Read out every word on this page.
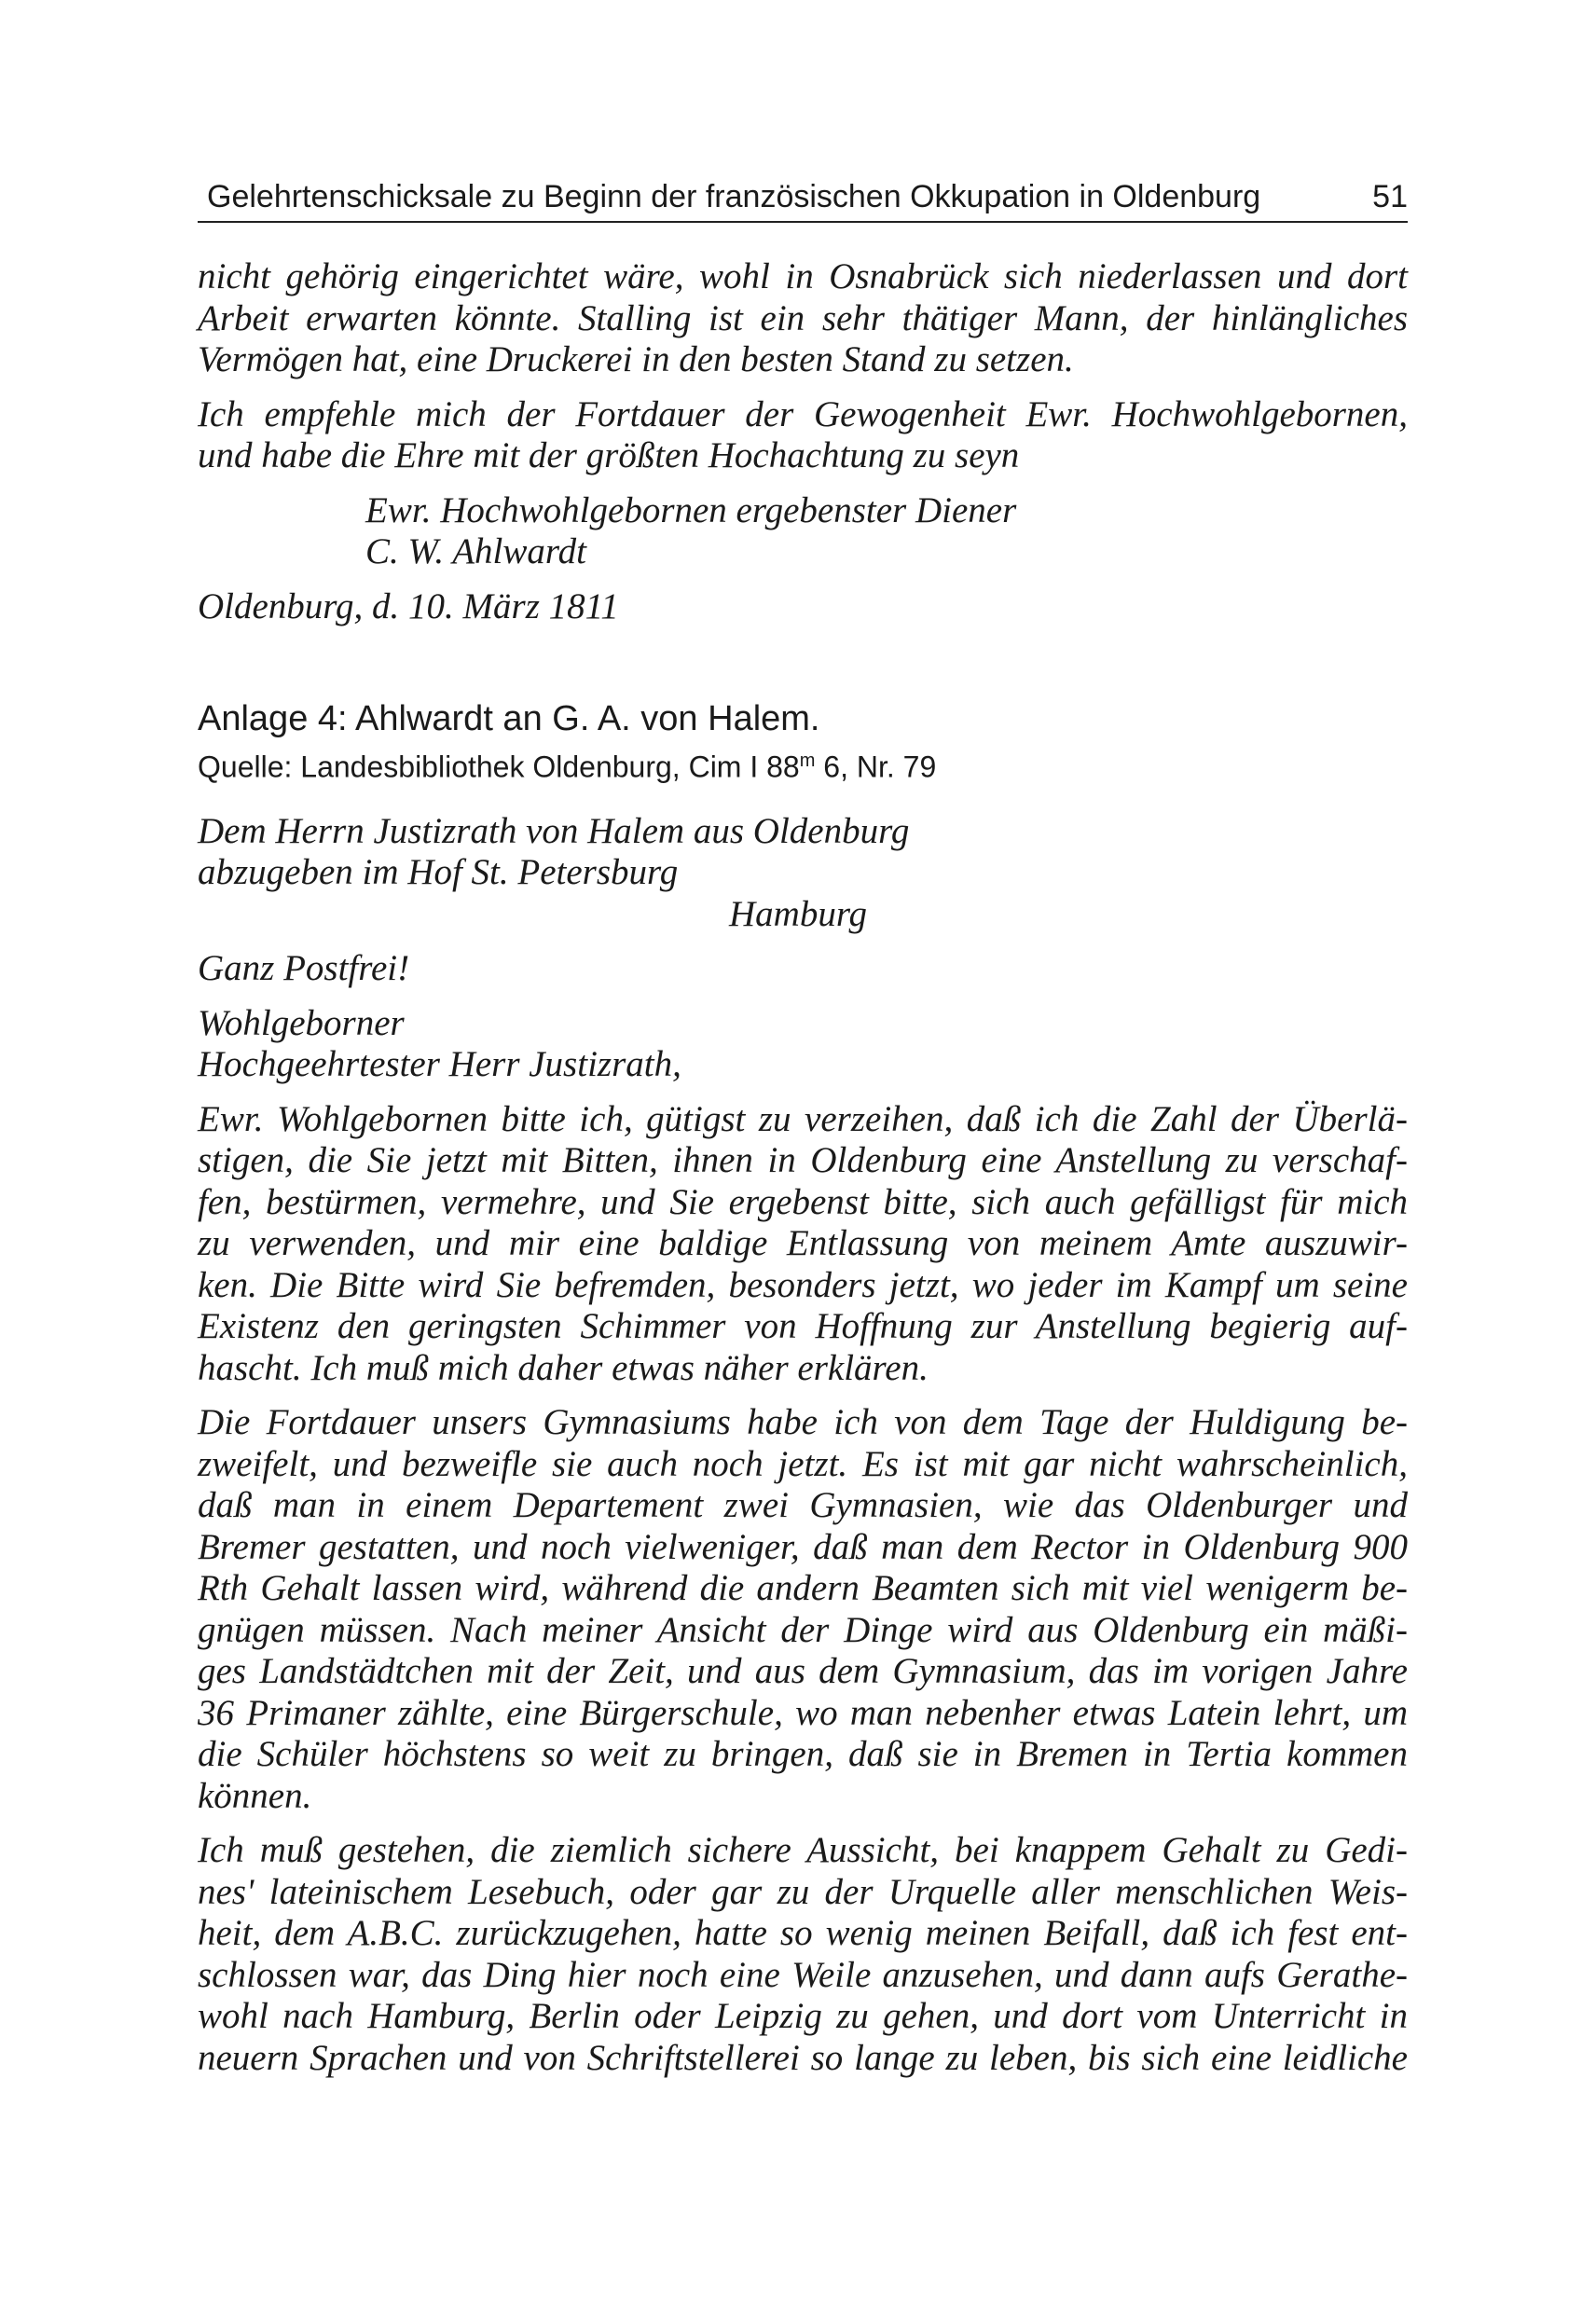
Gelehrtenschicksale zu Beginn der französischen Okkupation in Oldenburg	51
nicht gehörig eingerichtet wäre, wohl in Osnabrück sich niederlassen und dort
Arbeit erwarten könnte. Stalling ist ein sehr thätiger Mann, der hinlängliches
Vermögen hat, eine Druckerei in den besten Stand zu setzen.
Ich empfehle mich der Fortdauer der Gewogenheit Ewr. Hochwohlgebornen,
und habe die Ehre mit der größten Hochachtung zu seyn
Ewr. Hochwohlgebornen ergebenster Diener
C. W. Ahlwardt
Oldenburg, d. 10. März 1811

Anlage 4: Ahlwardt an G. A. von Halem.

Quelle: Landesbibliothek Oldenburg, Cim I 88$^m$ 6, Nr. 79

Dem Herrn Justizrath von Halem aus Oldenburg
abzugeben im Hof St. Petersburg
Hamburg
Ganz Postfrei!
Wohlgeborner
Hochgeehrtester Herr Justizrath,
Ewr. Wohlgebornen bitte ich, gütigst zu verzeihen, daß ich die Zahl der Überlä-
stigen, die Sie jetzt mit Bitten, ihnen in Oldenburg eine Anstellung zu verschaf-
fen, bestürmen, vermehre, und Sie ergebenst bitte, sich auch gefälligst für mich
zu verwenden, und mir eine baldige Entlassung von meinem Amte auszuwir-
ken. Die Bitte wird Sie befremden, besonders jetzt, wo jeder im Kampf um seine
Existenz den geringsten Schimmer von Hoffnung zur Anstellung begierig auf-
hascht. Ich muß mich daher etwas näher erklären.
Die Fortdauer unsers Gymnasiums habe ich von dem Tage der Huldigung be-
zweifelt, und bezweifle sie auch noch jetzt. Es ist mit gar nicht wahrscheinlich,
daß man in einem Departement zwei Gymnasien, wie das Oldenburger und
Bremer gestatten, und noch vielweniger, daß man dem Rector in Oldenburg 900
Rth Gehalt lassen wird, während die andern Beamten sich mit viel wenigerm be-
gnügen müssen. Nach meiner Ansicht der Dinge wird aus Oldenburg ein mäßi-
ges Landstädtchen mit der Zeit, und aus dem Gymnasium, das im vorigen Jahre
36 Primaner zählte, eine Bürgerschule, wo man nebenher etwas Latein lehrt, um
die Schüler höchstens so weit zu bringen, daß sie in Bremen in Tertia kommen
können.
Ich muß gestehen, die ziemlich sichere Aussicht, bei knappem Gehalt zu Gedi-
nes' lateinischem Lesebuch, oder gar zu der Urquelle aller menschlichen Weis-
heit, dem A.B.C. zurückzugehen, hatte so wenig meinen Beifall, daß ich fest ent-
schlossen war, das Ding hier noch eine Weile anzusehen, und dann aufs Gerathe-
wohl nach Hamburg, Berlin oder Leipzig zu gehen, und dort vom Unterricht in
neuern Sprachen und von Schriftstellerei so lange zu leben, bis sich eine leidliche
